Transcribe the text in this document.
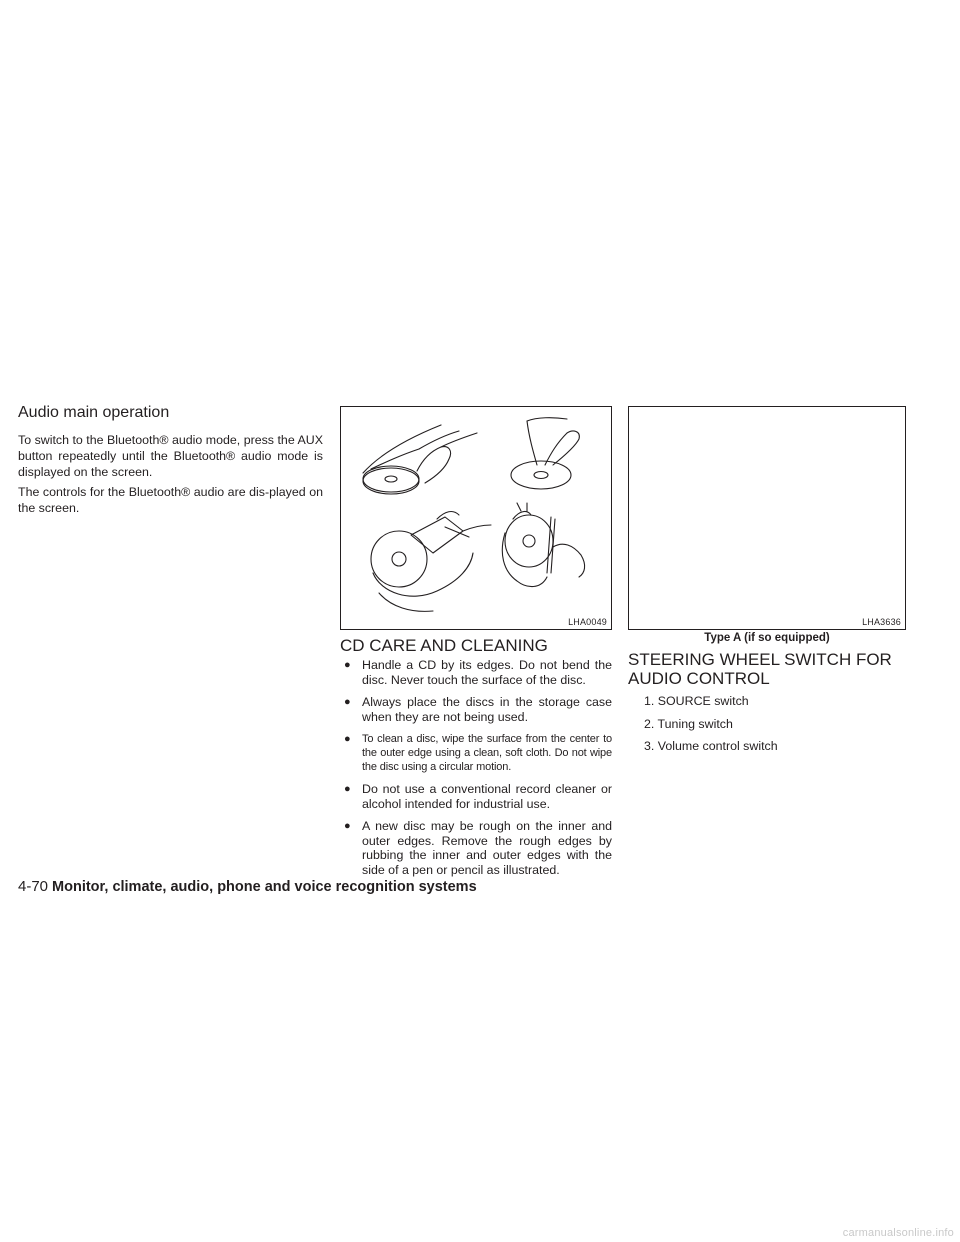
Audio main operation

To switch to the Bluetooth® audio mode, press the AUX button repeatedly until the Bluetooth® audio mode is displayed on the screen.

The controls for the Bluetooth® audio are dis-played on the screen.

LHA0049
CD CARE AND CLEANING
● Handle a CD by its edges. Do not bend the disc. Never touch the surface of the disc.
● Always place the discs in the storage case when they are not being used.
● To clean a disc, wipe the surface from the center to the outer edge using a clean, soft cloth. Do not wipe the disc using a circular motion.
● Do not use a conventional record cleaner or alcohol intended for industrial use.
● A new disc may be rough on the inner and outer edges. Remove the rough edges by rubbing the inner and outer edges with the side of a pen or pencil as illustrated.
LHA3636
Type A (if so equipped)
STEERING WHEEL SWITCH FOR AUDIO CONTROL
1. SOURCE switch
2. Tuning switch
3. Volume control switch
4-70 Monitor, climate, audio, phone and voice recognition systems
carmanualsonline.info
